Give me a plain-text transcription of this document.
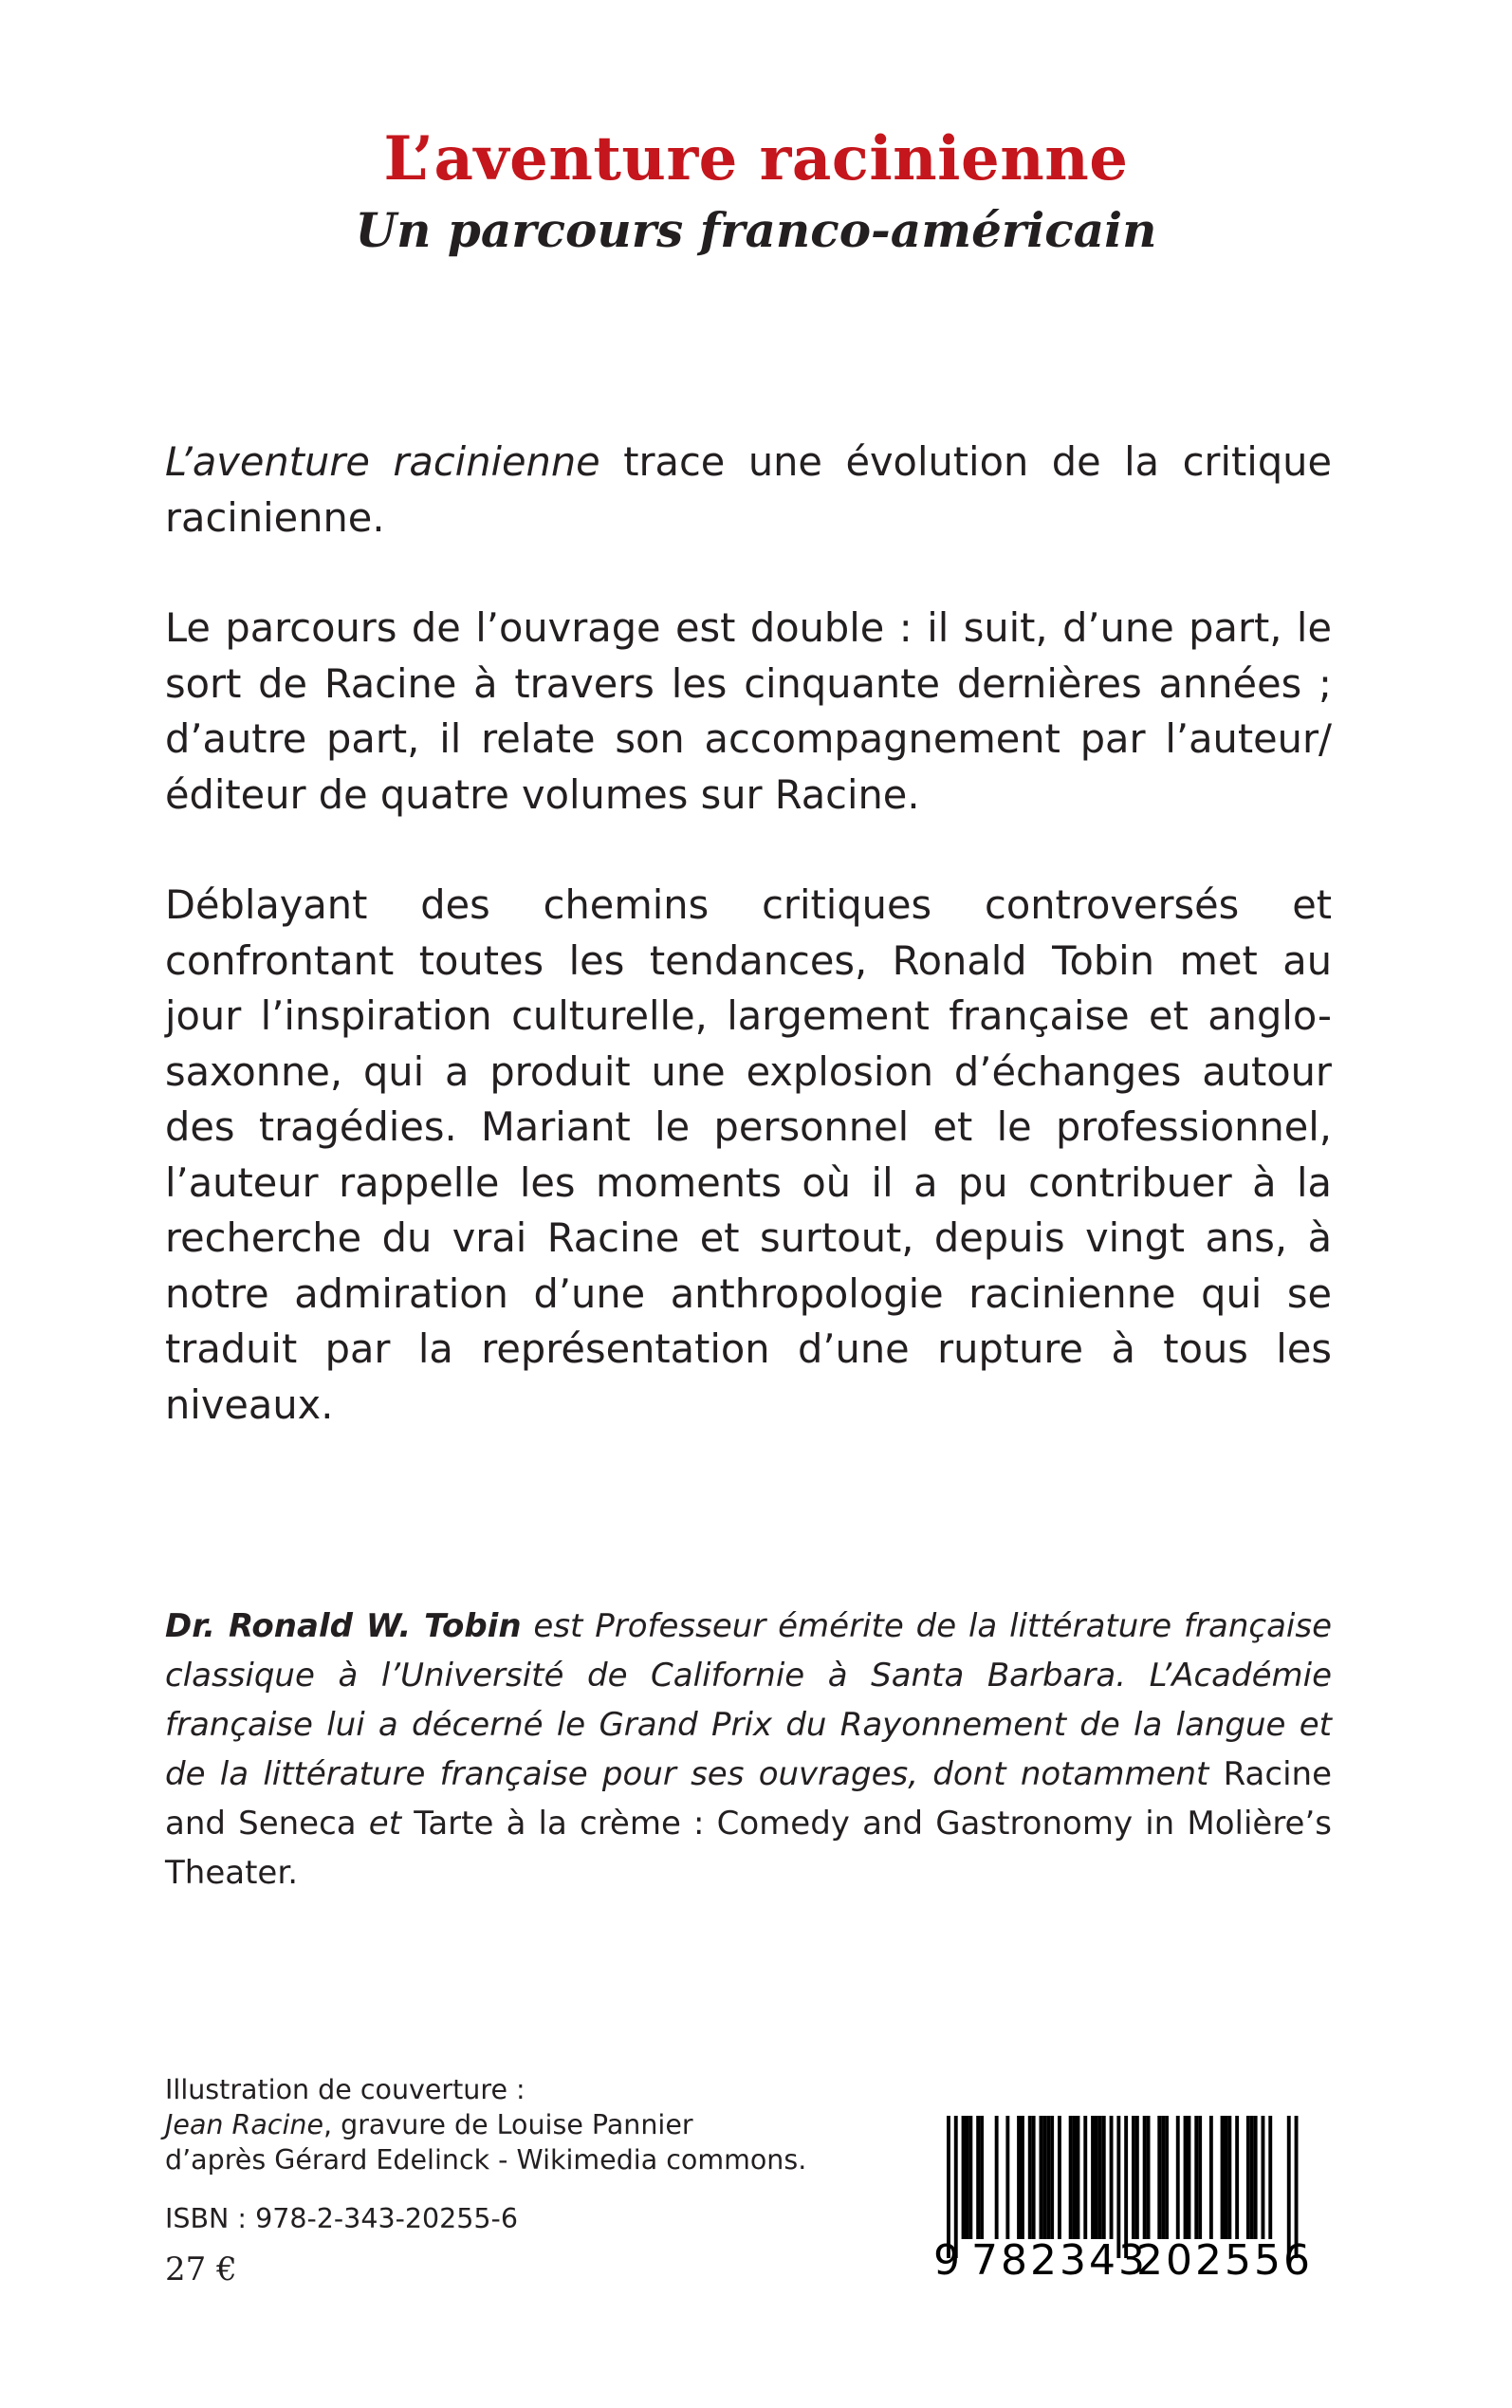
L’aventure racinienne
Un parcours franco-américain

L’aventure racinienne trace une évolution de la critique racinienne.

Le parcours de l’ouvrage est double : il suit, d’une part, le sort de Racine à travers les cinquante dernières années ; d’autre part, il relate son accompagnement par l’auteur/ éditeur de quatre volumes sur Racine.

Déblayant des chemins critiques controversés et confrontant toutes les tendances, Ronald Tobin met au jour l’inspiration culturelle, largement française et anglo-saxonne, qui a produit une explosion d’échanges autour des tragédies. Mariant le personnel et le professionnel, l’auteur rappelle les moments où il a pu contribuer à la recherche du vrai Racine et surtout, depuis vingt ans, à notre admiration d’une anthropologie racinienne qui se traduit par la représentation d’une rupture à tous les niveaux.

Dr. Ronald W. Tobin est Professeur émérite de la littérature française classique à l’Université de Californie à Santa Barbara. L’Académie française lui a décerné le Grand Prix du Rayonnement de la langue et de la littérature française pour ses ouvrages, dont notamment Racine and Seneca et Tarte à la crème : Comedy and Gastronomy in Molière’s Theater.

Illustration de couverture :
Jean Racine, gravure de Louise Pannier
d’après Gérard Edelinck - Wikimedia commons.
ISBN : 978-2-343-20255-6
27 €	9 782343
202556
